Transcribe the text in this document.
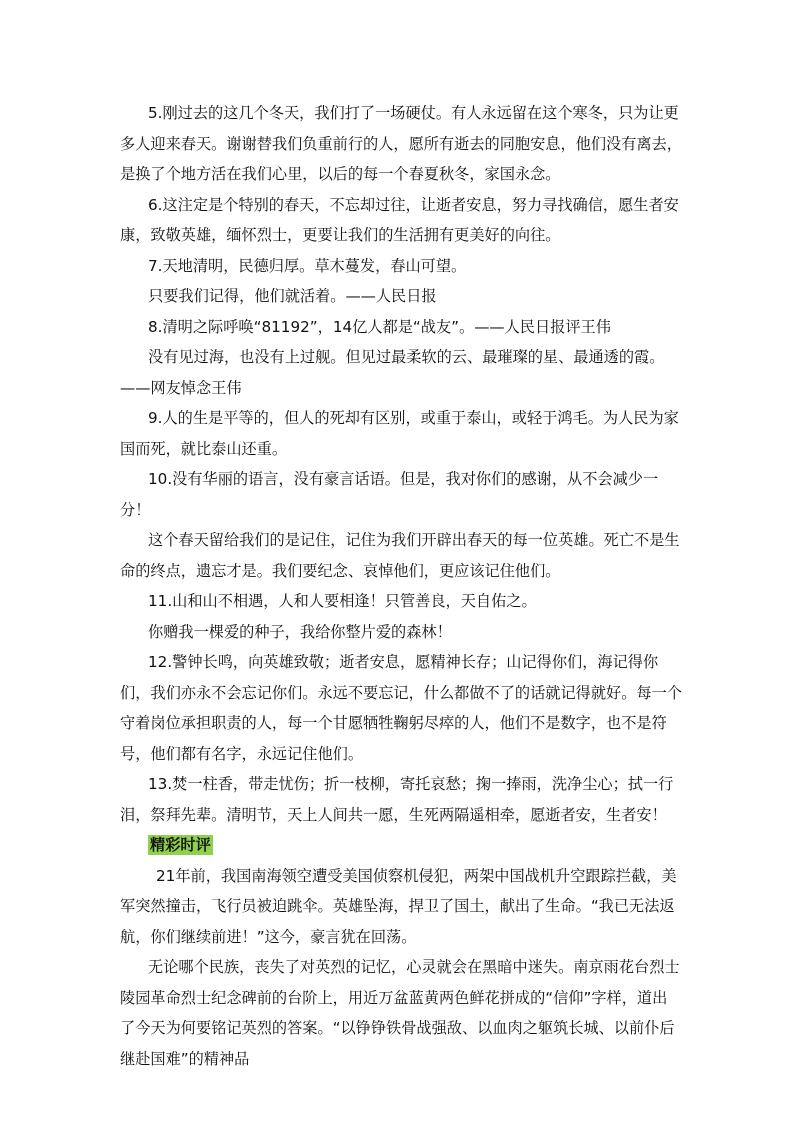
5.刚过去的这几个冬天，我们打了一场硬仗。有人永远留在这个寒冬，只为让更多人迎来春天。谢谢替我们负重前行的人，愿所有逝去的同胞安息，他们没有离去，是换了个地方活在我们心里，以后的每一个春夏秋冬，家国永念。

6.这注定是个特别的春天，不忘却过往，让逝者安息，努力寻找确信，愿生者安康，致敬英雄，缅怀烈士，更要让我们的生活拥有更美好的向往。

7.天地清明，民德归厚。草木蔓发，春山可望。

只要我们记得，他们就活着。——人民日报

8.清明之际呼唤“81192”，14亿人都是“战友”。——人民日报评王伟

没有见过海，也没有上过舰。但见过最柔软的云、最璀璨的星、最通透的霞。——网友悼念王伟

9.人的生是平等的，但人的死却有区别，或重于泰山，或轻于鸿毛。为人民为家国而死，就比泰山还重。

10.没有华丽的语言，没有豪言话语。但是，我对你们的感谢，从不会减少一分！

这个春天留给我们的是记住，记住为我们开辟出春天的每一位英雄。死亡不是生命的终点，遗忘才是。我们要纪念、哀悼他们，更应该记住他们。

11.山和山不相遇，人和人要相逢！只管善良，天自佑之。

你赠我一棵爱的种子，我给你整片爱的森林！

12.警钟长鸣，向英雄致敬；逝者安息，愿精神长存；山记得你们，海记得你们，我们亦永不会忘记你们。永远不要忘记，什么都做不了的话就记得就好。每一个守着岗位承担职责的人，每一个甘愿牺牲鞠躬尽瘁的人，他们不是数字，也不是符号，他们都有名字，永远记住他们。

13.焚一柱香，带走忧伤；折一枝柳，寄托哀愁；掬一捧雨，洗净尘心；拭一行泪，祭拜先辈。清明节，天上人间共一愿，生死两隔遥相牵，愿逝者安，生者安！

精彩时评

21年前，我国南海领空遭受美国侦察机侵犯，两架中国战机升空跟踪拦截，美军突然撞击，飞行员被迫跳伞。英雄坠海，捍卫了国土，献出了生命。“我已无法返航，你们继续前进！”这今，豪言犹在回荡。

无论哪个民族，丧失了对英烈的记忆，心灵就会在黑暗中迷失。南京雨花台烈士陵园革命烈士纪念碑前的台阶上，用近万盆蓝黄两色鲜花拼成的“信仰”字样，道出了今天为何要铭记英烈的答案。“以铮铮铁骨战强敌、以血肉之躯筑长城、以前仆后继赴国难”的精神品
